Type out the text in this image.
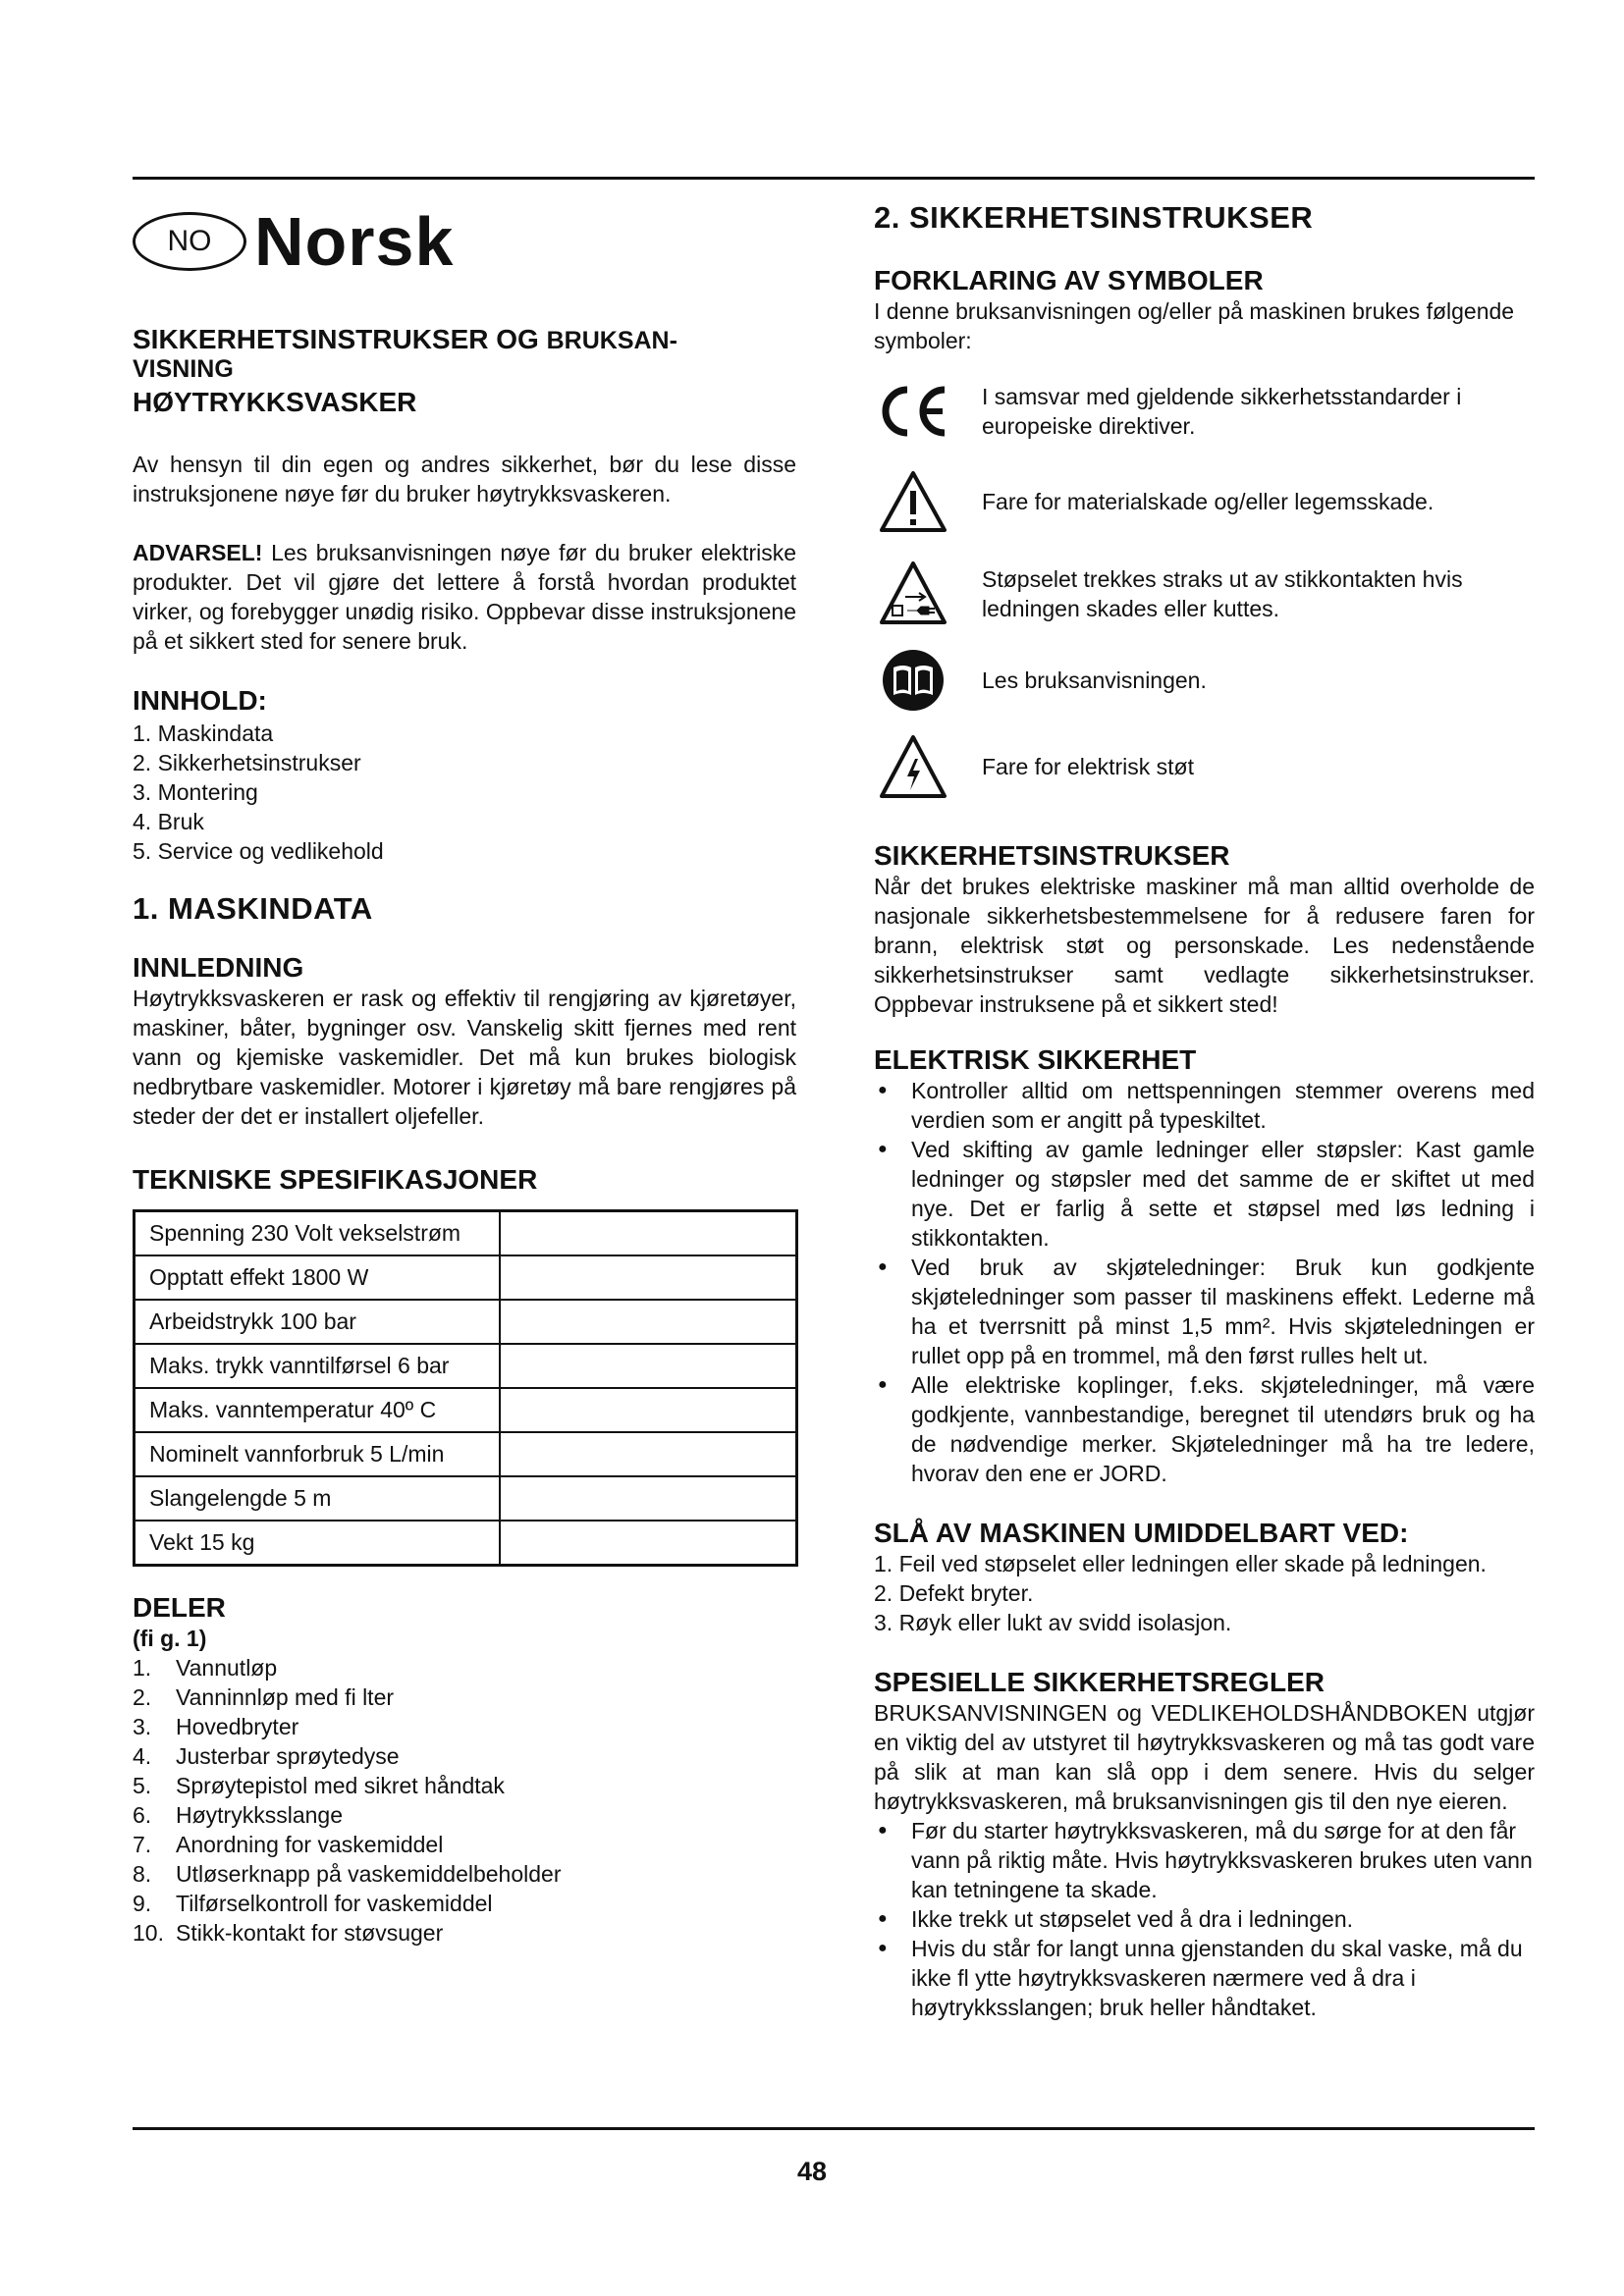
NO Norsk
SIKKERHETSINSTRUKSER OG BRUKSAN-
VISNING
HØYTRYKKSVASKER

Av hensyn til din egen og andres sikkerhet, bør du lese disse instruksjonene nøye før du bruker høytrykksvaskeren.

ADVARSEL! Les bruksanvisningen nøye før du bruker elektriske produkter. Det vil gjøre det lettere å forstå hvordan produktet virker, og forebygger unødig risiko. Oppbevar disse instruksjonene på et sikkert sted for senere bruk.

INNHOLD:
1. Maskindata
2. Sikkerhetsinstrukser
3. Montering
4. Bruk
5. Service og vedlikehold
1. MASKINDATA
INNLEDNING

Høytrykksvaskeren er rask og effektiv til rengjøring av kjøretøyer, maskiner, båter, bygninger osv. Vanskelig skitt fjernes med rent vann og kjemiske vaskemidler. Det må kun brukes biologisk nedbrytbare vaskemidler. Motorer i kjøretøy må bare rengjøres på steder der det er installert oljefeller.

TEKNISKE SPESIFIKASJONER
Spenning 230 Volt vekselstrøm	
Opptatt effekt 1800 W	
Arbeidstrykk 100 bar	
Maks. trykk vanntilførsel 6 bar	
Maks. vanntemperatur 40º C	
Nominelt vannforbruk 5 L/min	
Slangelengde 5 m	
Vekt 15 kg	
DELER
(fi g. 1)
1.	Vannutløp
2.	Vanninnløp med fi lter
3.	Hovedbryter
4.	Justerbar sprøytedyse
5.	Sprøytepistol med sikret håndtak
6.	Høytrykksslange
7.	Anordning for vaskemiddel
8.	Utløserknapp på vaskemiddelbeholder
9.	Tilførselkontroll for vaskemiddel
10. Stikk-kontakt for støvsuger
2. SIKKERHETSINSTRUKSER
FORKLARING AV SYMBOLER

I denne bruksanvisningen og/eller på maskinen brukes følgende symboler:

I samsvar med gjeldende sikkerhetsstandarder i europeiske direktiver.
Fare for materialskade og/eller legemsskade.
Støpselet trekkes straks ut av stikkontakten hvis ledningen skades eller kuttes.
Les bruksanvisningen.
Fare for elektrisk støt
SIKKERHETSINSTRUKSER

Når det brukes elektriske maskiner må man alltid overholde de nasjonale sikkerhetsbestemmelsene for å redusere faren for brann, elektrisk støt og personskade. Les nedenstående sikkerhetsinstrukser samt vedlagte sikkerhetsinstrukser. Oppbevar instruksene på et sikkert sted!

ELEKTRISK SIKKERHET
● Kontroller alltid om nettspenningen stemmer overens med verdien som er angitt på typeskiltet.
● Ved skifting av gamle ledninger eller støpsler: Kast gamle ledninger og støpsler med det samme de er skiftet ut med nye. Det er farlig å sette et støpsel med løs ledning i stikkontakten.
● Ved bruk av skjøteledninger: Bruk kun godkjente skjøteledninger som passer til maskinens effekt. Lederne må ha et tverrsnitt på minst 1,5 mm². Hvis skjøteledningen er rullet opp på en trommel, må den først rulles helt ut.
● Alle elektriske koplinger, f.eks. skjøteledninger, må være godkjente, vannbestandige, beregnet til utendørs bruk og ha de nødvendige merker. Skjøteledninger må ha tre ledere, hvorav den ene er JORD.
SLÅ AV MASKINEN UMIDDELBART VED:
1. Feil ved støpselet eller ledningen eller skade på ledningen.
2. Defekt bryter.
3. Røyk eller lukt av svidd isolasjon.
SPESIELLE SIKKERHETSREGLER

BRUKSANVISNINGEN og VEDLIKEHOLDSHÅNDBOKEN utgjør en viktig del av utstyret til høytrykksvaskeren og må tas godt vare på slik at man kan slå opp i dem senere. Hvis du selger høytrykksvaskeren, må bruksanvisningen gis til den nye eieren.

● Før du starter høytrykksvaskeren, må du sørge for at den får vann på riktig måte. Hvis høytrykksvaskeren brukes uten vann kan tetningene ta skade.
● Ikke trekk ut støpselet ved å dra i ledningen.
● Hvis du står for langt unna gjenstanden du skal vaske, må du ikke fl ytte høytrykksvaskeren nærmere ved å dra i høytrykksslangen; bruk heller håndtaket.
48
